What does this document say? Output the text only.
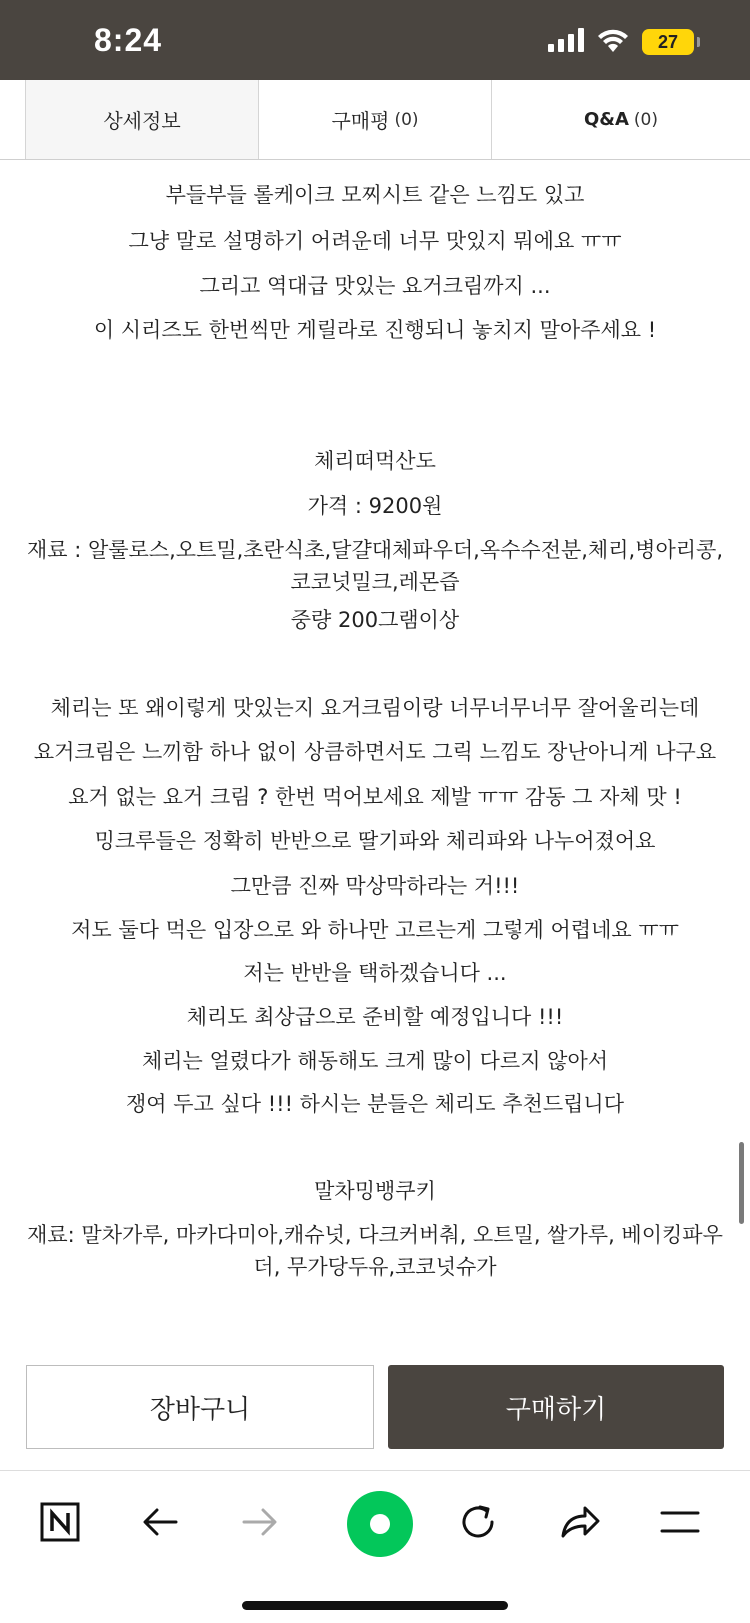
8:24	27
상세정보	구매평 (0)	Q&A (0)
부들부들 롤케이크 모찌시트 같은 느낌도 있고
그냥 말로 설명하기 어려운데 너무 맛있지 뭐에요 ㅠㅠ
그리고 역대급 맛있는 요거크림까지 ...
이 시리즈도 한번씩만 게릴라로 진행되니 놓치지 말아주세요 !
체리떠먹산도
가격 : 9200원
재료 : 알룰로스,오트밀,초란식초,달걀대체파우더,옥수수전분,체리,병아리콩,코코넛밀크,레몬즙
중량 200그램이상
체리는 또 왜이렇게 맛있는지 요거크림이랑 너무너무너무 잘어울리는데
요거크림은 느끼함 하나 없이 상큼하면서도 그릭 느낌도 장난아니게 나구요
요거 없는 요거 크림 ? 한번 먹어보세요 제발 ㅠㅠ 감동 그 자체 맛 !
밍크루들은 정확히 반반으로 딸기파와 체리파와 나누어졌어요
그만큼 진짜 막상막하라는 거!!!
저도 둘다 먹은 입장으로 와 하나만 고르는게 그렇게 어렵네요 ㅠㅠ
저는 반반을 택하겠습니다 ...
체리도 최상급으로 준비할 예정입니다 !!!
체리는 얼렸다가 해동해도 크게 많이 다르지 않아서
쟁여 두고 싶다 !!! 하시는 분들은 체리도 추천드립니다
말차밍뱅쿠키
재료: 말차가루, 마카다미아,캐슈넛, 다크커버춰, 오트밀, 쌀가루, 베이킹파우더, 무가당두유,코코넛슈가
장바구니	구매하기
